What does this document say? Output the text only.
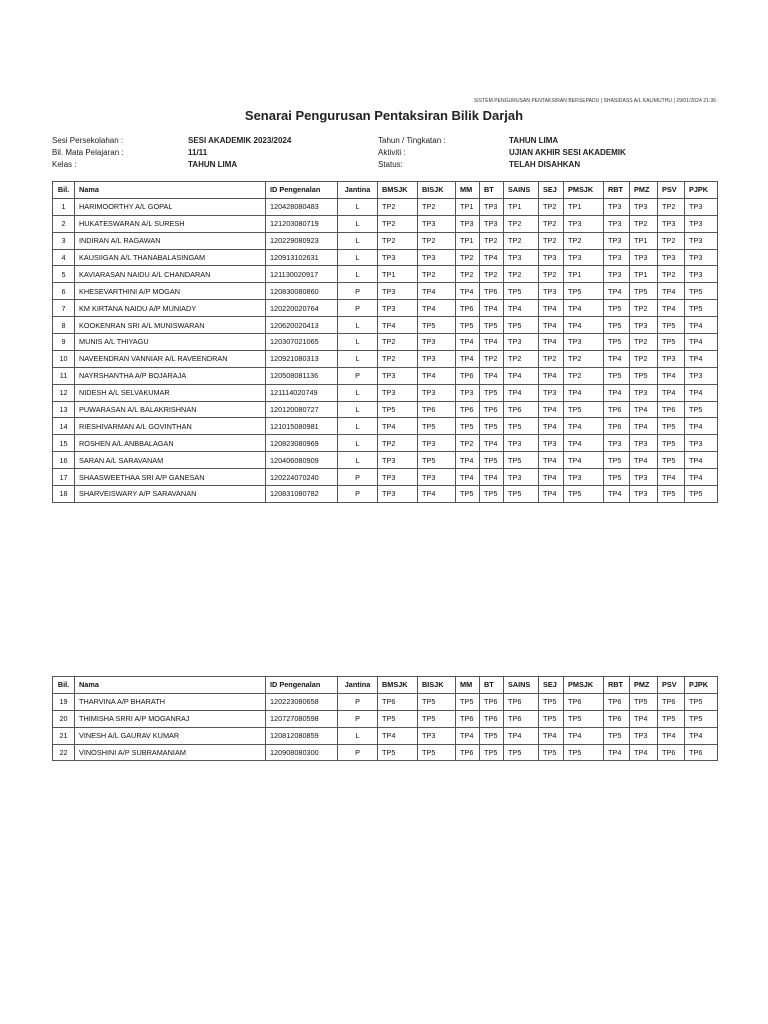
SISTEM PENGURUSAN PENTAKSIRAN BERSEPADU | SHASIDASS A/L KALIMUTHU | 29/01/2024 21:36
Senarai Pengurusan Pentaksiran Bilik Darjah
Sesi Persekolahan :	SESI AKADEMIK 2023/2024	Tahun / Tingkatan :	TAHUN LIMA
Bil. Mata Pelajaran :	11/11	Aktiviti :	UJIAN AKHIR SESI AKADEMIK
Kelas :	TAHUN LIMA	Status:	TELAH DISAHKAN
Bil.	Nama	ID Pengenalan	Jantina	BMSJK	BISJK	MM	BT	SAINS	SEJ	PMSJK	RBT	PMZ	PSV	PJPK
1	HARIMOORTHY A/L GOPAL	120428080483	L	TP2	TP2	TP1	TP3	TP1	TP2	TP1	TP3	TP3	TP2	TP3
2	HUKATESWARAN A/L SURESH	121203080719	L	TP2	TP3	TP3	TP3	TP2	TP2	TP3	TP3	TP2	TP3	TP3
3	INDIRAN A/L RAGAWAN	120229080923	L	TP2	TP2	TP1	TP2	TP2	TP2	TP2	TP3	TP1	TP2	TP3
4	KAUSIIGAN A/L THANABALASINGAM	120913102631	L	TP3	TP3	TP2	TP4	TP3	TP3	TP3	TP3	TP3	TP3	TP3
5	KAVIARASAN NAIDU A/L CHANDARAN	121130020917	L	TP1	TP2	TP2	TP2	TP2	TP2	TP1	TP3	TP1	TP2	TP3
6	KHESEVARTHINI A/P MOGAN	120830080860	P	TP3	TP4	TP4	TP6	TP5	TP3	TP5	TP4	TP5	TP4	TP5
7	KM KIRTANA NAIDU A/P MUNIADY	120220020764	P	TP3	TP4	TP6	TP4	TP4	TP4	TP4	TP5	TP2	TP4	TP5
8	KOOKENRAN SRI A/L MUNISWARAN	120620020413	L	TP4	TP5	TP5	TP5	TP5	TP4	TP4	TP5	TP3	TP5	TP4
9	MUNIS A/L THIYAGU	120307021065	L	TP2	TP3	TP4	TP4	TP3	TP4	TP3	TP5	TP2	TP5	TP4
10	NAVEENDRAN VANNIAR A/L RAVEENDRAN	120921080313	L	TP2	TP3	TP4	TP2	TP2	TP2	TP2	TP4	TP2	TP3	TP4
11	NAYRSHANTHA A/P BOJARAJA	120508081136	P	TP3	TP4	TP6	TP4	TP4	TP4	TP2	TP5	TP5	TP4	TP3
12	NIDESH A/L SELVAKUMAR	121114020749	L	TP3	TP3	TP3	TP5	TP4	TP3	TP4	TP4	TP3	TP4	TP4
13	PUWARASAN A/L BALAKRISHNAN	120120080727	L	TP5	TP6	TP6	TP6	TP6	TP4	TP5	TP6	TP4	TP6	TP5
14	RIESHIVARMAN A/L GOVINTHAN	121015080981	L	TP4	TP5	TP5	TP5	TP5	TP4	TP4	TP6	TP4	TP5	TP4
15	ROSHEN A/L ANBBALAGAN	120823080969	L	TP2	TP3	TP2	TP4	TP3	TP3	TP4	TP3	TP3	TP5	TP3
16	SARAN A/L SARAVANAM	120406080909	L	TP3	TP5	TP4	TP5	TP5	TP4	TP4	TP5	TP4	TP5	TP4
17	SHAASWEETHAA SRI A/P GANESAN	120224070240	P	TP3	TP3	TP4	TP4	TP3	TP4	TP3	TP5	TP3	TP4	TP4
18	SHARVEISWARY A/P SARAVANAN	120831080782	P	TP3	TP4	TP5	TP5	TP5	TP4	TP5	TP4	TP3	TP5	TP5
Bil.	Nama	ID Pengenalan	Jantina	BMSJK	BISJK	MM	BT	SAINS	SEJ	PMSJK	RBT	PMZ	PSV	PJPK
19	THARVINA A/P BHARATH	120223080658	P	TP6	TP5	TP5	TP6	TP6	TP5	TP6	TP6	TP5	TP6	TP5
20	THIMISHA SRRI A/P MOGANRAJ	120727080598	P	TP5	TP5	TP6	TP6	TP6	TP5	TP5	TP6	TP4	TP5	TP5
21	VINESH A/L GAURAV KUMAR	120812080859	L	TP4	TP3	TP4	TP5	TP4	TP4	TP4	TP5	TP3	TP4	TP4
22	VINOSHINI A/P SUBRAMANIAM	120908080300	P	TP5	TP5	TP6	TP5	TP5	TP5	TP5	TP4	TP4	TP6	TP6
